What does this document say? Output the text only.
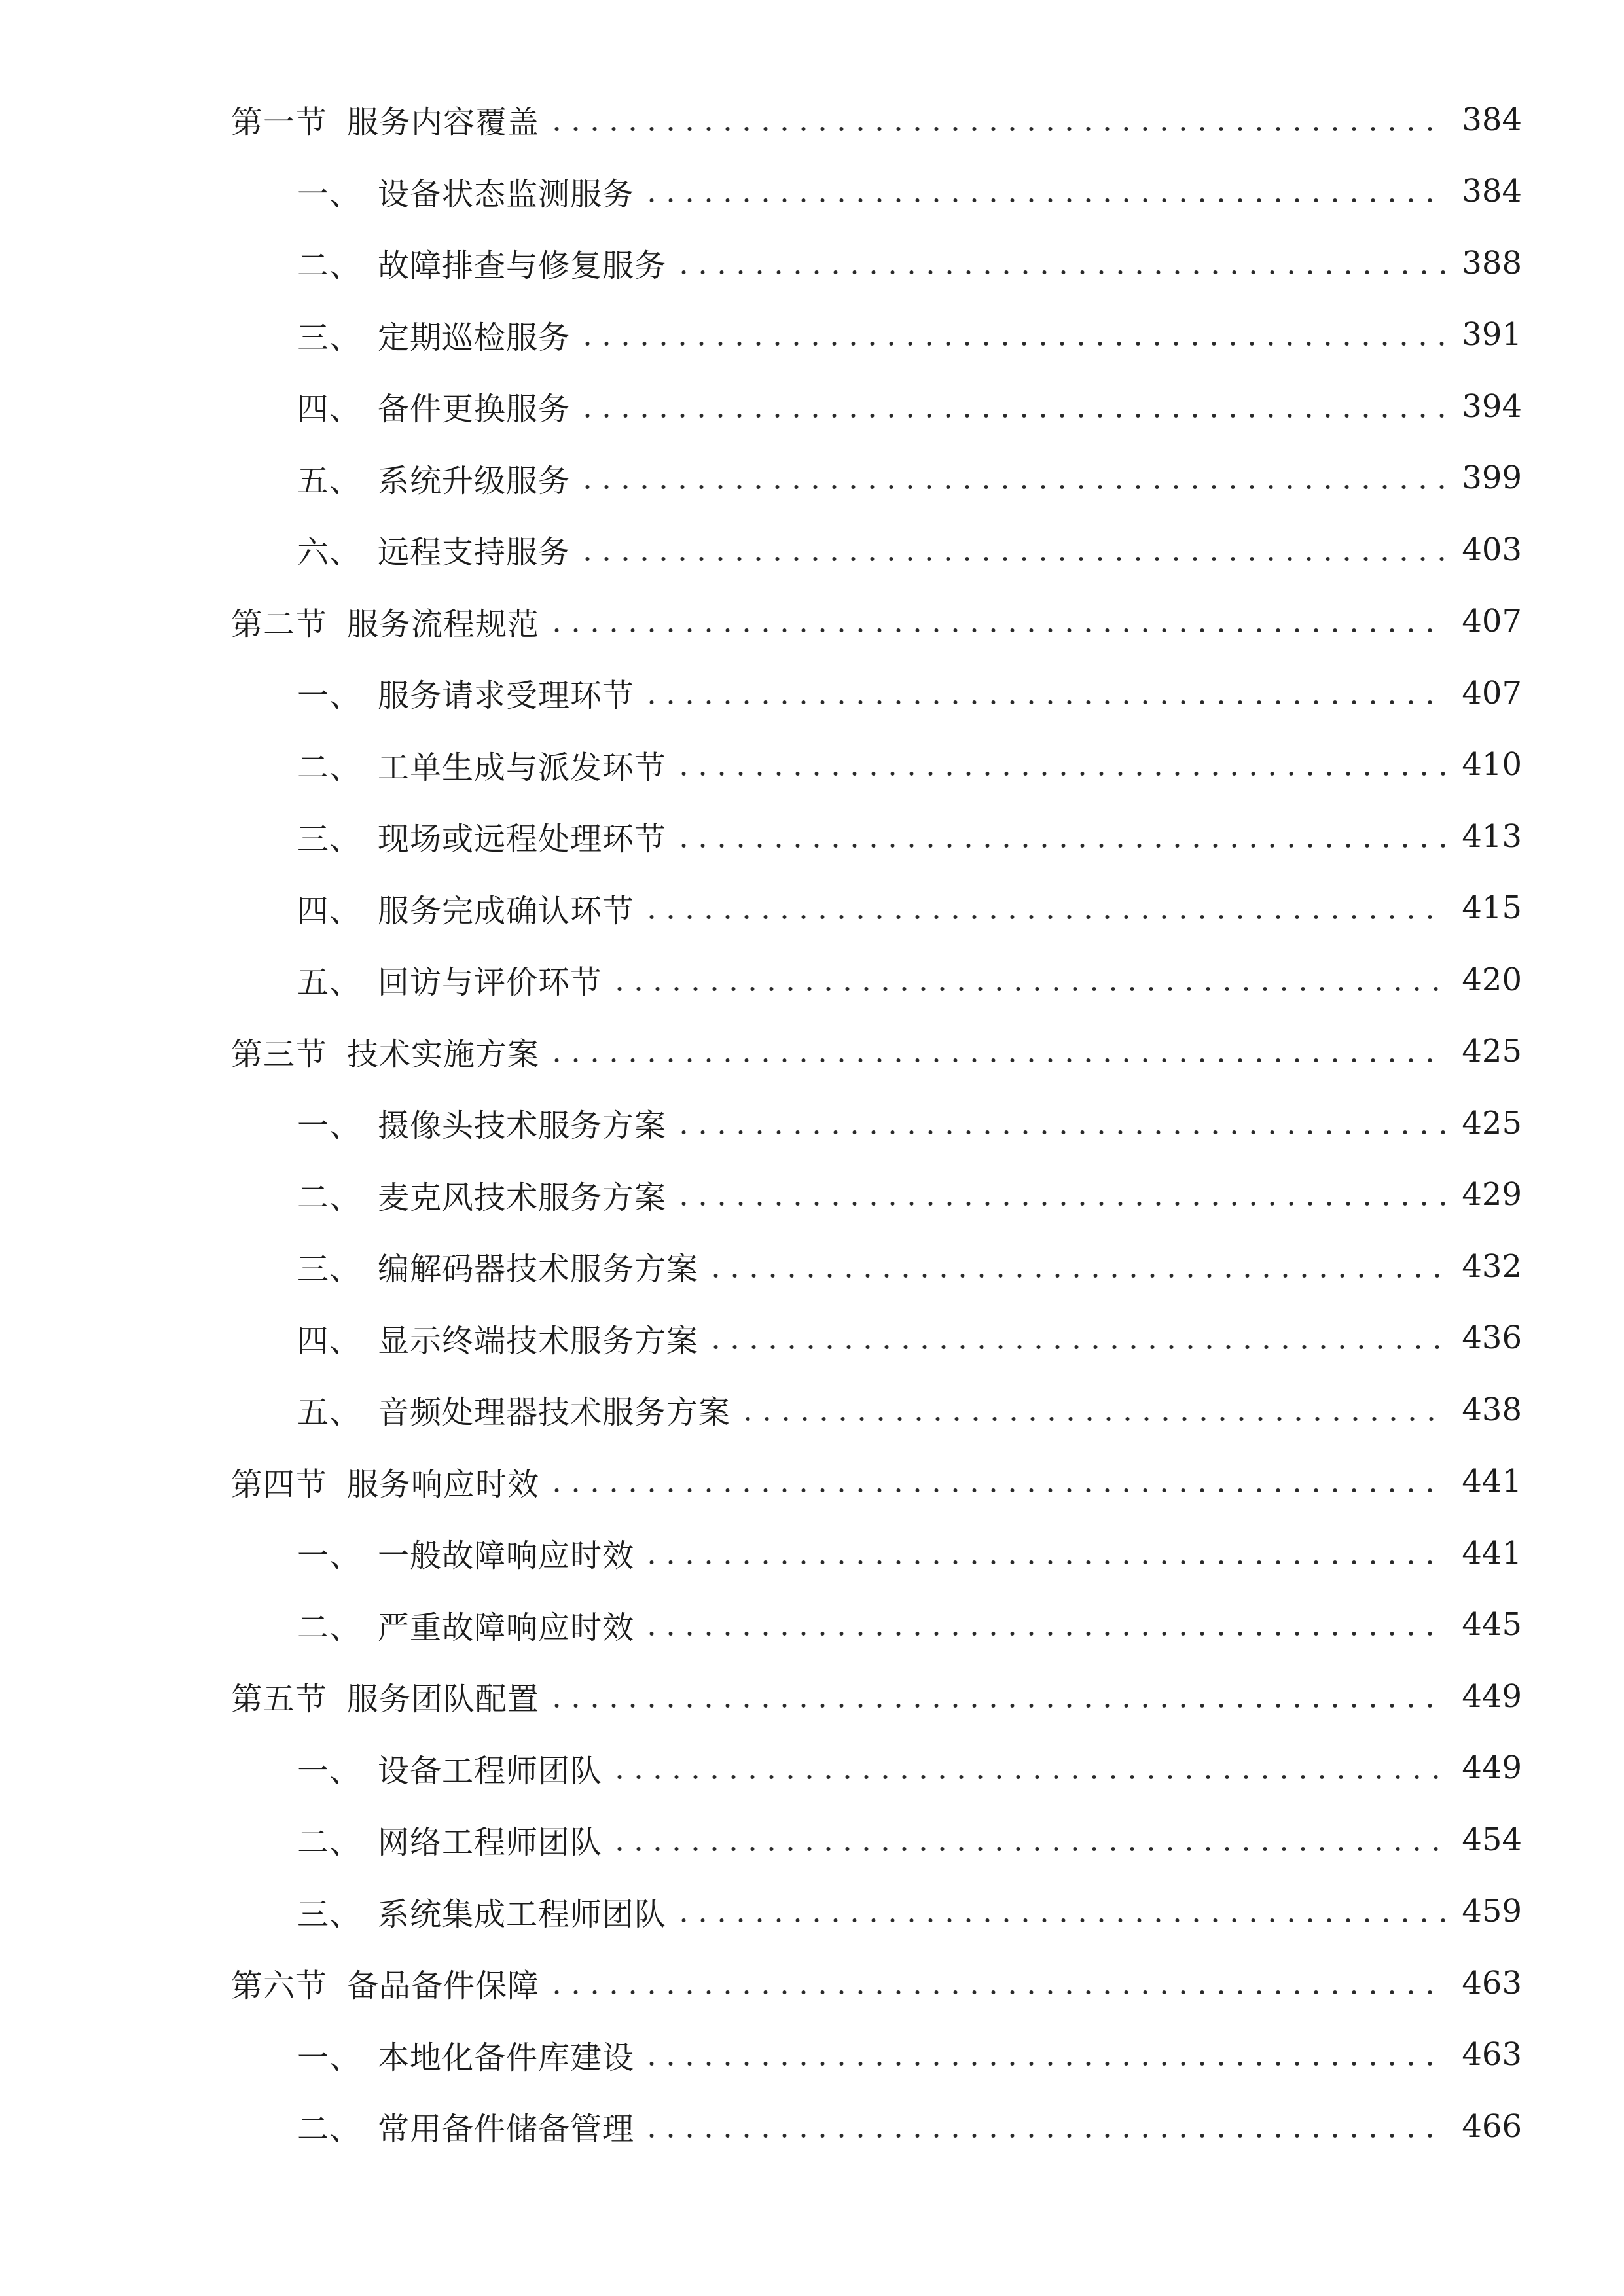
第一节 服务内容覆盖	384
一、 设备状态监测服务	384
二、 故障排查与修复服务	388
三、 定期巡检服务	391
四、 备件更换服务	394
五、 系统升级服务	399
六、 远程支持服务	403
第二节 服务流程规范	407
一、 服务请求受理环节	407
二、 工单生成与派发环节	410
三、 现场或远程处理环节	413
四、 服务完成确认环节	415
五、 回访与评价环节	420
第三节 技术实施方案	425
一、 摄像头技术服务方案	425
二、 麦克风技术服务方案	429
三、 编解码器技术服务方案	432
四、 显示终端技术服务方案	436
五、 音频处理器技术服务方案	438
第四节 服务响应时效	441
一、 一般故障响应时效	441
二、 严重故障响应时效	445
第五节 服务团队配置	449
一、 设备工程师团队	449
二、 网络工程师团队	454
三、 系统集成工程师团队	459
第六节 备品备件保障	463
一、 本地化备件库建设	463
二、 常用备件储备管理	466
